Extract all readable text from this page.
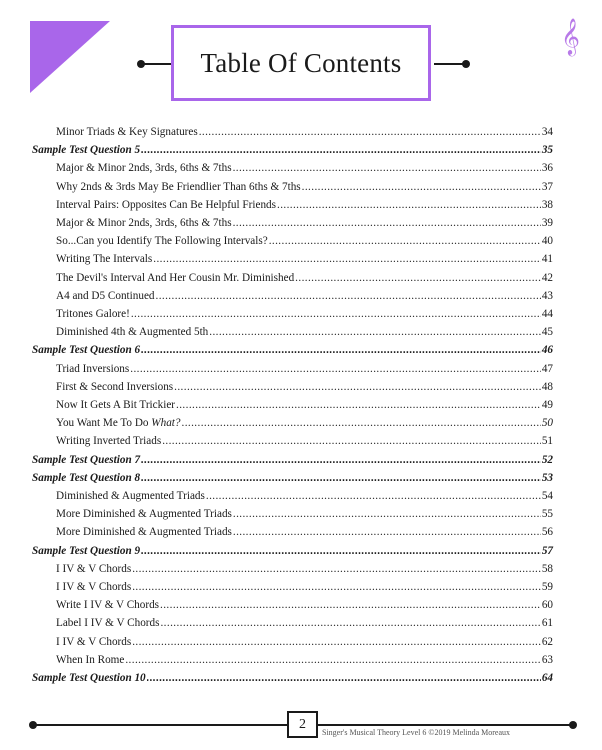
Table Of Contents
𝄞
Minor Triads & Key Signatures .....	34
Sample Test Question 5 .....	35
Major & Minor 2nds, 3rds, 6ths & 7ths .....	36
Why 2nds & 3rds May Be Friendlier Than 6ths & 7ths .....	37
Interval Pairs: Opposites Can Be Helpful Friends .....	38
Major & Minor 2nds, 3rds, 6ths & 7ths .....	39
So...Can you Identify The Following Intervals? .....	40
Writing The Intervals .....	41
The Devil's Interval And Her Cousin Mr. Diminished .....	42
A4 and D5 Continued .....	43
Tritones Galore! .....	44
Diminished 4th & Augmented 5th .....	45
Sample Test Question 6 .....	46
Triad Inversions .....	47
First & Second Inversions .....	48
Now It Gets A Bit Trickier .....	49
You Want Me To Do What? .....	50
Writing Inverted Triads .....	51
Sample Test Question 7 .....	52
Sample Test Question 8 .....	53
Diminished & Augmented Triads .....	54
More Diminished & Augmented Triads .....	55
More Diminished & Augmented Triads .....	56
Sample Test Question 9 .....	57
I IV & V Chords .....	58
I IV & V Chords .....	59
Write I IV & V Chords .....	60
Label I IV & V Chords .....	61
I IV & V Chords .....	62
When In Rome .....	63
Sample Test Question 10 .....	64
2
Singer's Musical Theory Level 6 ©2019 Melinda Moreaux
